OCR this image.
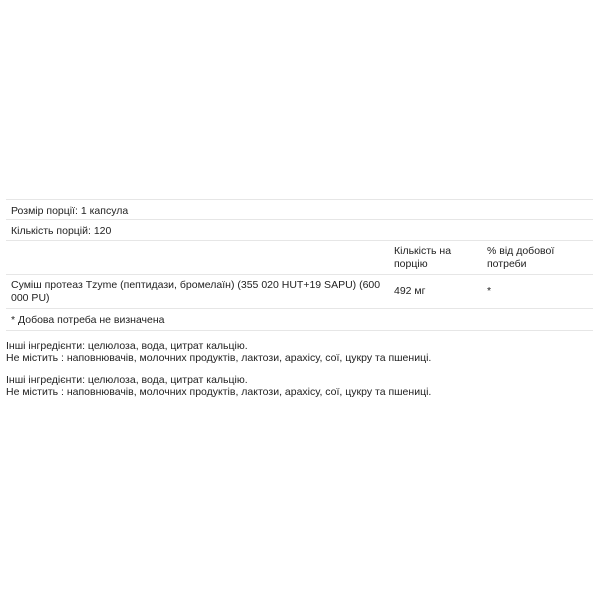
Розмір порції: 1 капсула
Кількість порцій: 120
Кількість на порцію
% від добової потреби
Суміш протеаз Tzyme (пептидази, бромелаїн) (355 020 HUT+19 SAPU) (600 000 PU)
492 мг	*
* Добова потреба не визначена

Інші інгредієнти: целюлоза, вода, цитрат кальцію.

Не містить : наповнювачів, молочних продуктів, лактози, арахісу, сої, цукру та пшениці.

Інші інгредієнти: целюлоза, вода, цитрат кальцію.

Не містить : наповнювачів, молочних продуктів, лактози, арахісу, сої, цукру та пшениці.
